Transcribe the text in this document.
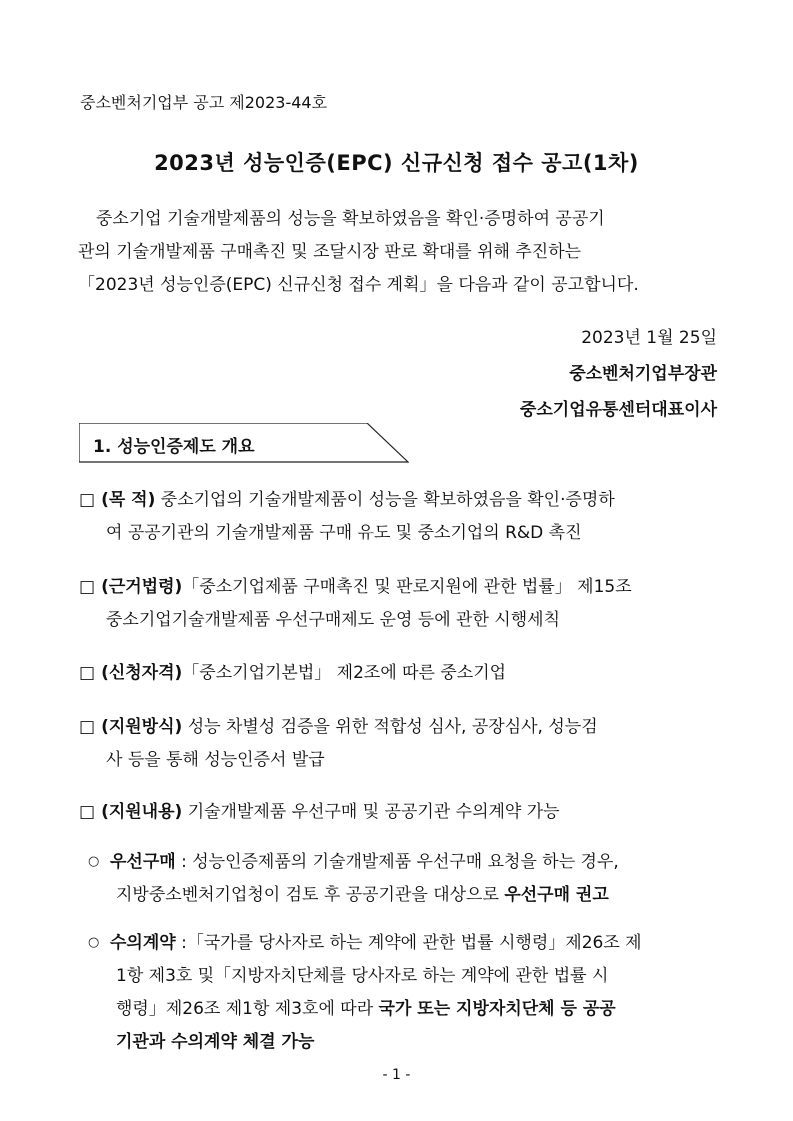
중소벤처기업부 공고 제2023-44호
2023년 성능인증(EPC) 신규신청 접수 공고(1차)
중소기업 기술개발제품의 성능을 확보하였음을 확인·증명하여 공공기
관의 기술개발제품 구매촉진 및 조달시장 판로 확대를 위해 추진하는
「2023년 성능인증(EPC) 신규신청 접수 계획」을 다음과 같이 공고합니다.
2023년 1월 25일
중소벤처기업부장관
중소기업유통센터대표이사
1. 성능인증제도 개요
□ (목 적) 중소기업의 기술개발제품이 성능을 확보하였음을 확인·증명하
여 공공기관의 기술개발제품 구매 유도 및 중소기업의 R&D 촉진
□ (근거법령)「중소기업제품 구매촉진 및 판로지원에 관한 법률」 제15조
중소기업기술개발제품 우선구매제도 운영 등에 관한 시행세칙
□ (신청자격)「중소기업기본법」 제2조에 따른 중소기업
□ (지원방식) 성능 차별성 검증을 위한 적합성 심사, 공장심사, 성능검
사 등을 통해 성능인증서 발급
□ (지원내용) 기술개발제품 우선구매 및 공공기관 수의계약 가능
○ 우선구매 : 성능인증제품의 기술개발제품 우선구매 요청을 하는 경우,
지방중소벤처기업청이 검토 후 공공기관을 대상으로 우선구매 권고
○ 수의계약 :「국가를 당사자로 하는 계약에 관한 법률 시행령」제26조 제
1항 제3호 및「지방자치단체를 당사자로 하는 계약에 관한 법률 시
행령」제26조 제1항 제3호에 따라 국가 또는 지방자치단체 등 공공
기관과 수의계약 체결 가능
- 1 -
